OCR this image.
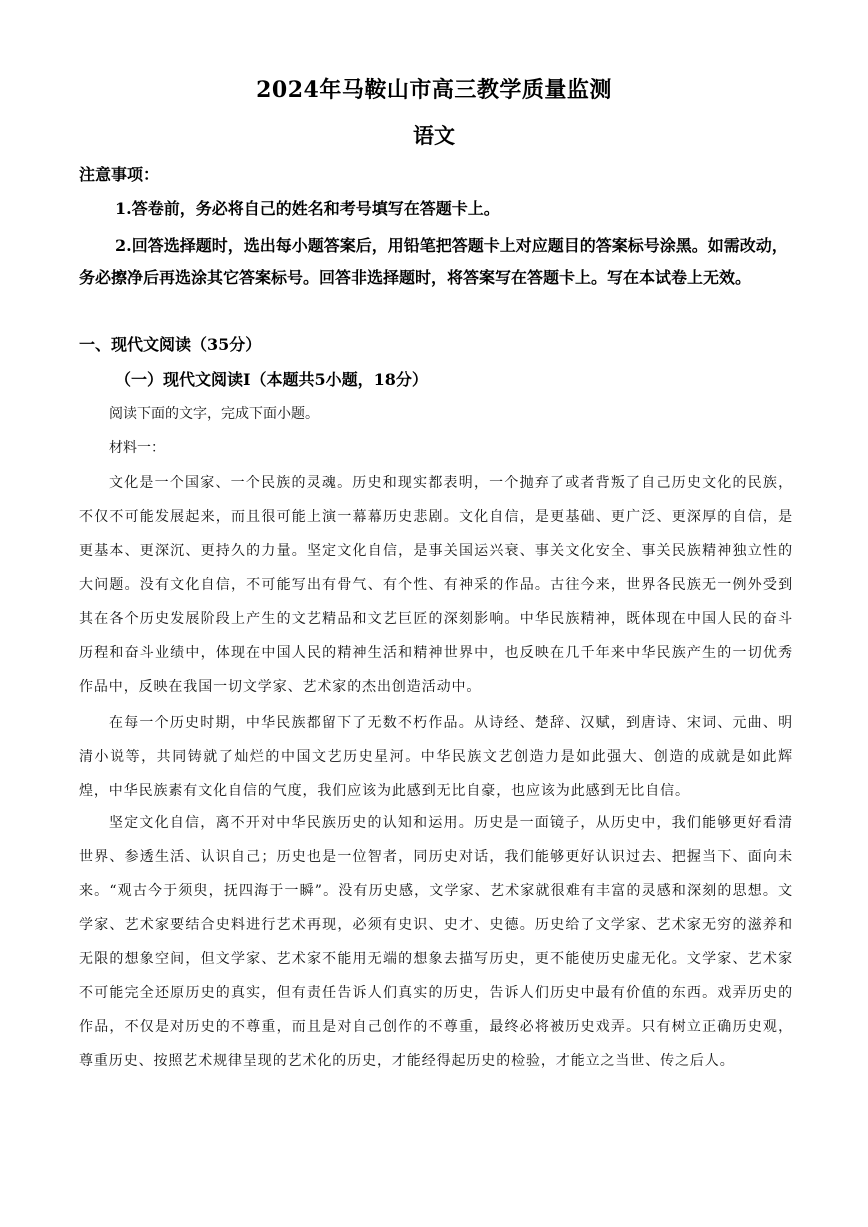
2024年马鞍山市高三教学质量监测
语文
注意事项：
1.答卷前，务必将自己的姓名和考号填写在答题卡上。
2.回答选择题时，选出每小题答案后，用铅笔把答题卡上对应题目的答案标号涂黑。如需改动，务必擦净后再选涂其它答案标号。回答非选择题时，将答案写在答题卡上。写在本试卷上无效。
一、现代文阅读（35分）
（一）现代文阅读Ⅰ（本题共5小题，18分）
阅读下面的文字，完成下面小题。
材料一：
文化是一个国家、一个民族的灵魂。历史和现实都表明，一个抛弃了或者背叛了自己历史文化的民族，不仅不可能发展起来，而且很可能上演一幕幕历史悲剧。文化自信，是更基础、更广泛、更深厚的自信，是更基本、更深沉、更持久的力量。坚定文化自信，是事关国运兴衰、事关文化安全、事关民族精神独立性的大问题。没有文化自信，不可能写出有骨气、有个性、有神采的作品。古往今来，世界各民族无一例外受到其在各个历史发展阶段上产生的文艺精品和文艺巨匠的深刻影响。中华民族精神，既体现在中国人民的奋斗历程和奋斗业绩中，体现在中国人民的精神生活和精神世界中，也反映在几千年来中华民族产生的一切优秀作品中，反映在我国一切文学家、艺术家的杰出创造活动中。
在每一个历史时期，中华民族都留下了无数不朽作品。从诗经、楚辞、汉赋，到唐诗、宋词、元曲、明清小说等，共同铸就了灿烂的中国文艺历史星河。中华民族文艺创造力是如此强大、创造的成就是如此辉煌，中华民族素有文化自信的气度，我们应该为此感到无比自豪，也应该为此感到无比自信。
坚定文化自信，离不开对中华民族历史的认知和运用。历史是一面镜子，从历史中，我们能够更好看清世界、参透生活、认识自己；历史也是一位智者，同历史对话，我们能够更好认识过去、把握当下、面向未来。“观古今于须臾，抚四海于一瞬”。没有历史感，文学家、艺术家就很难有丰富的灵感和深刻的思想。文学家、艺术家要结合史料进行艺术再现，必须有史识、史才、史德。历史给了文学家、艺术家无穷的滋养和无限的想象空间，但文学家、艺术家不能用无端的想象去描写历史，更不能使历史虚无化。文学家、艺术家不可能完全还原历史的真实，但有责任告诉人们真实的历史，告诉人们历史中最有价值的东西。戏弄历史的作品，不仅是对历史的不尊重，而且是对自己创作的不尊重，最终必将被历史戏弄。只有树立正确历史观，尊重历史、按照艺术规律呈现的艺术化的历史，才能经得起历史的检验，才能立之当世、传之后人。
